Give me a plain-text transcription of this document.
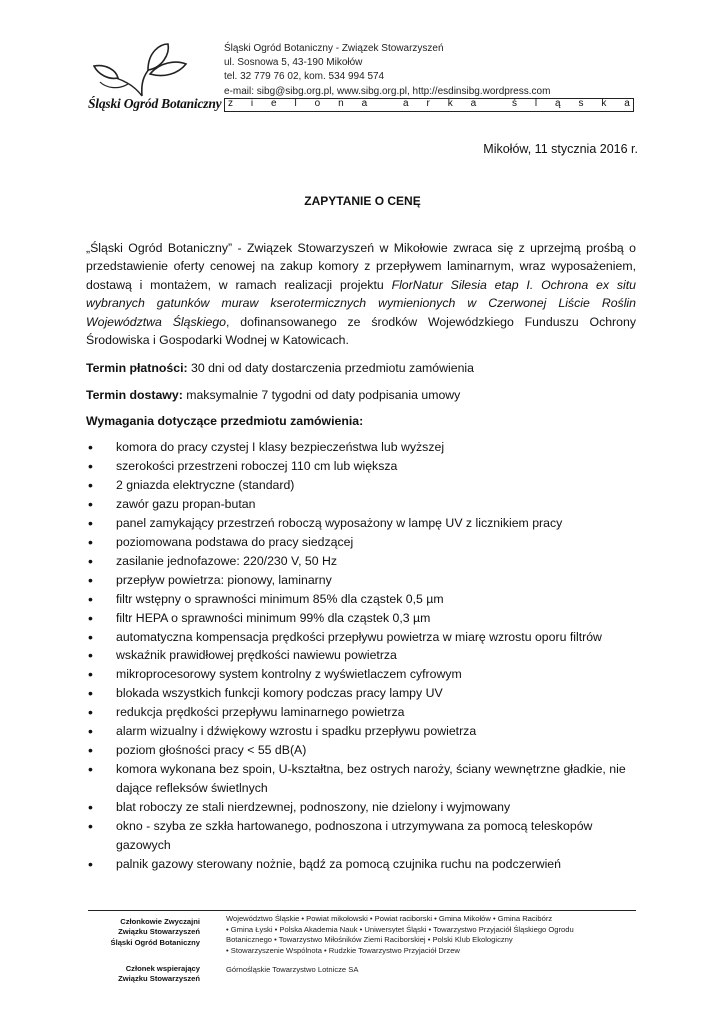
Śląski Ogród Botaniczny
Śląski Ogród Botaniczny - Związek Stowarzyszeń
ul. Sosnowa 5, 43-190 Mikołów
tel. 32 779 76 02, kom. 534 994 574
e-mail: sibg@sibg.org.pl, www.sibg.org.pl, http://esdinsibg.wordpress.com
z i e l o n a	a r k a	ś l ą s k a
Mikołów, 11 stycznia 2016 r.
ZAPYTANIE O CENĘ
„Śląski Ogród Botaniczny” - Związek Stowarzyszeń w Mikołowie zwraca się z uprzejmą prośbą o przedstawienie oferty cenowej na zakup komory z przepływem laminarnym, wraz wyposażeniem, dostawą i montażem, w ramach realizacji projektu FlorNatur Silesia etap I. Ochrona ex situ wybranych gatunków muraw kserotermicznych wymienionych w Czerwonej Liście Roślin Województwa Śląskiego, dofinansowanego ze środków Wojewódzkiego Funduszu Ochrony Środowiska i Gospodarki Wodnej w Katowicach.
Termin płatności: 30 dni od daty dostarczenia przedmiotu zamówienia
Termin dostawy: maksymalnie 7 tygodni od daty podpisania umowy
Wymagania dotyczące przedmiotu zamówienia:
• komora do pracy czystej I klasy bezpieczeństwa lub wyższej
• szerokości przestrzeni roboczej 110 cm lub większa
• 2 gniazda elektryczne (standard)
• zawór gazu propan-butan
• panel zamykający przestrzeń roboczą wyposażony w lampę UV z licznikiem pracy
• poziomowana podstawa do pracy siedzącej
• zasilanie jednofazowe: 220/230 V, 50 Hz
• przepływ powietrza: pionowy, laminarny
• filtr wstępny o sprawności minimum 85% dla cząstek 0,5 µm
• filtr HEPA o sprawności minimum 99% dla cząstek 0,3 µm
• automatyczna kompensacja prędkości przepływu powietrza w miarę wzrostu oporu filtrów
• wskaźnik prawidłowej prędkości nawiewu powietrza
• mikroprocesorowy system kontrolny z wyświetlaczem cyfrowym
• blokada wszystkich funkcji komory podczas pracy lampy UV
• redukcja prędkości przepływu laminarnego powietrza
• alarm wizualny i dźwiękowy wzrostu i spadku przepływu powietrza
• poziom głośności pracy < 55 dB(A)
• komora wykonana bez spoin, U-kształtna, bez ostrych naroży, ściany wewnętrzne gładkie, nie dające refleksów świetlnych
• blat roboczy ze stali nierdzewnej, podnoszony, nie dzielony i wyjmowany
• okno - szyba ze szkła hartowanego, podnoszona i utrzymywana za pomocą teleskopów gazowych
• palnik gazowy sterowany nożnie, bądź za pomocą czujnika ruchu na podczerwień
Członkowie Zwyczajni
Związku Stowarzyszeń
Śląski Ogród Botaniczny
Województwo Śląskie • Powiat mikołowski • Powiat raciborski • Gmina Mikołów • Gmina Racibórz
• Gmina Łyski • Polska Akademia Nauk • Uniwersytet Śląski • Towarzystwo Przyjaciół Śląskiego Ogrodu
Botanicznego • Towarzystwo Miłośników Ziemi Raciborskiej • Polski Klub Ekologiczny
• Stowarzyszenie Wspólnota • Rudzkie Towarzystwo Przyjaciół Drzew
Członek wspierający
Związku Stowarzyszeń
Górnośląskie Towarzystwo Lotnicze SA
